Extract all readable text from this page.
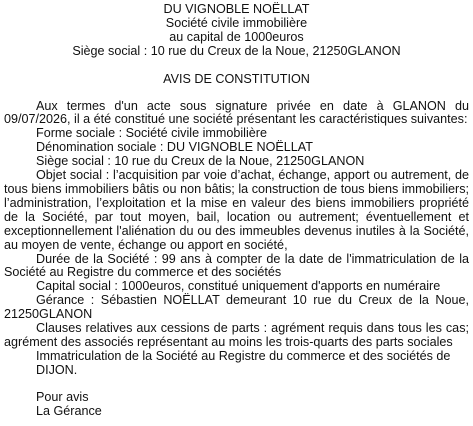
DU VIGNOBLE NOËLLAT

Société civile immobilière

au capital de 1000euros

Siège social : 10 rue du Creux de la Noue, 21250GLANON

AVIS DE CONSTITUTION

Aux termes d'un acte sous signature privée en date à GLANON du 09/07/2026, il a été constitué une société présentant les caractéristiques suivantes:

Forme sociale : Société civile immobilière

Dénomination sociale : DU VIGNOBLE NOËLLAT

Siège social : 10 rue du Creux de la Noue, 21250GLANON

Objet social : l’acquisition par voie d’achat, échange, apport ou autrement, de tous biens immobiliers bâtis ou non bâtis; la construction de tous biens immobiliers; l’administration, l’exploitation et la mise en valeur des biens immobiliers propriété de la Société, par tout moyen, bail, location ou autrement; éventuellement et exceptionnellement l'aliénation du ou des immeubles devenus inutiles à la Société, au moyen de vente, échange ou apport en société,

Durée de la Société : 99 ans à compter de la date de l'immatriculation de la Société au Registre du commerce et des sociétés

Capital social : 1000euros, constitué uniquement d'apports en numéraire

Gérance : Sébastien NOËLLAT demeurant 10 rue du Creux de la Noue, 21250GLANON

Clauses relatives aux cessions de parts : agrément requis dans tous les cas; agrément des associés représentant au moins les trois-quarts des parts sociales

Immatriculation de la Société au Registre du commerce et des sociétés de DIJON.

Pour avis

La Gérance
